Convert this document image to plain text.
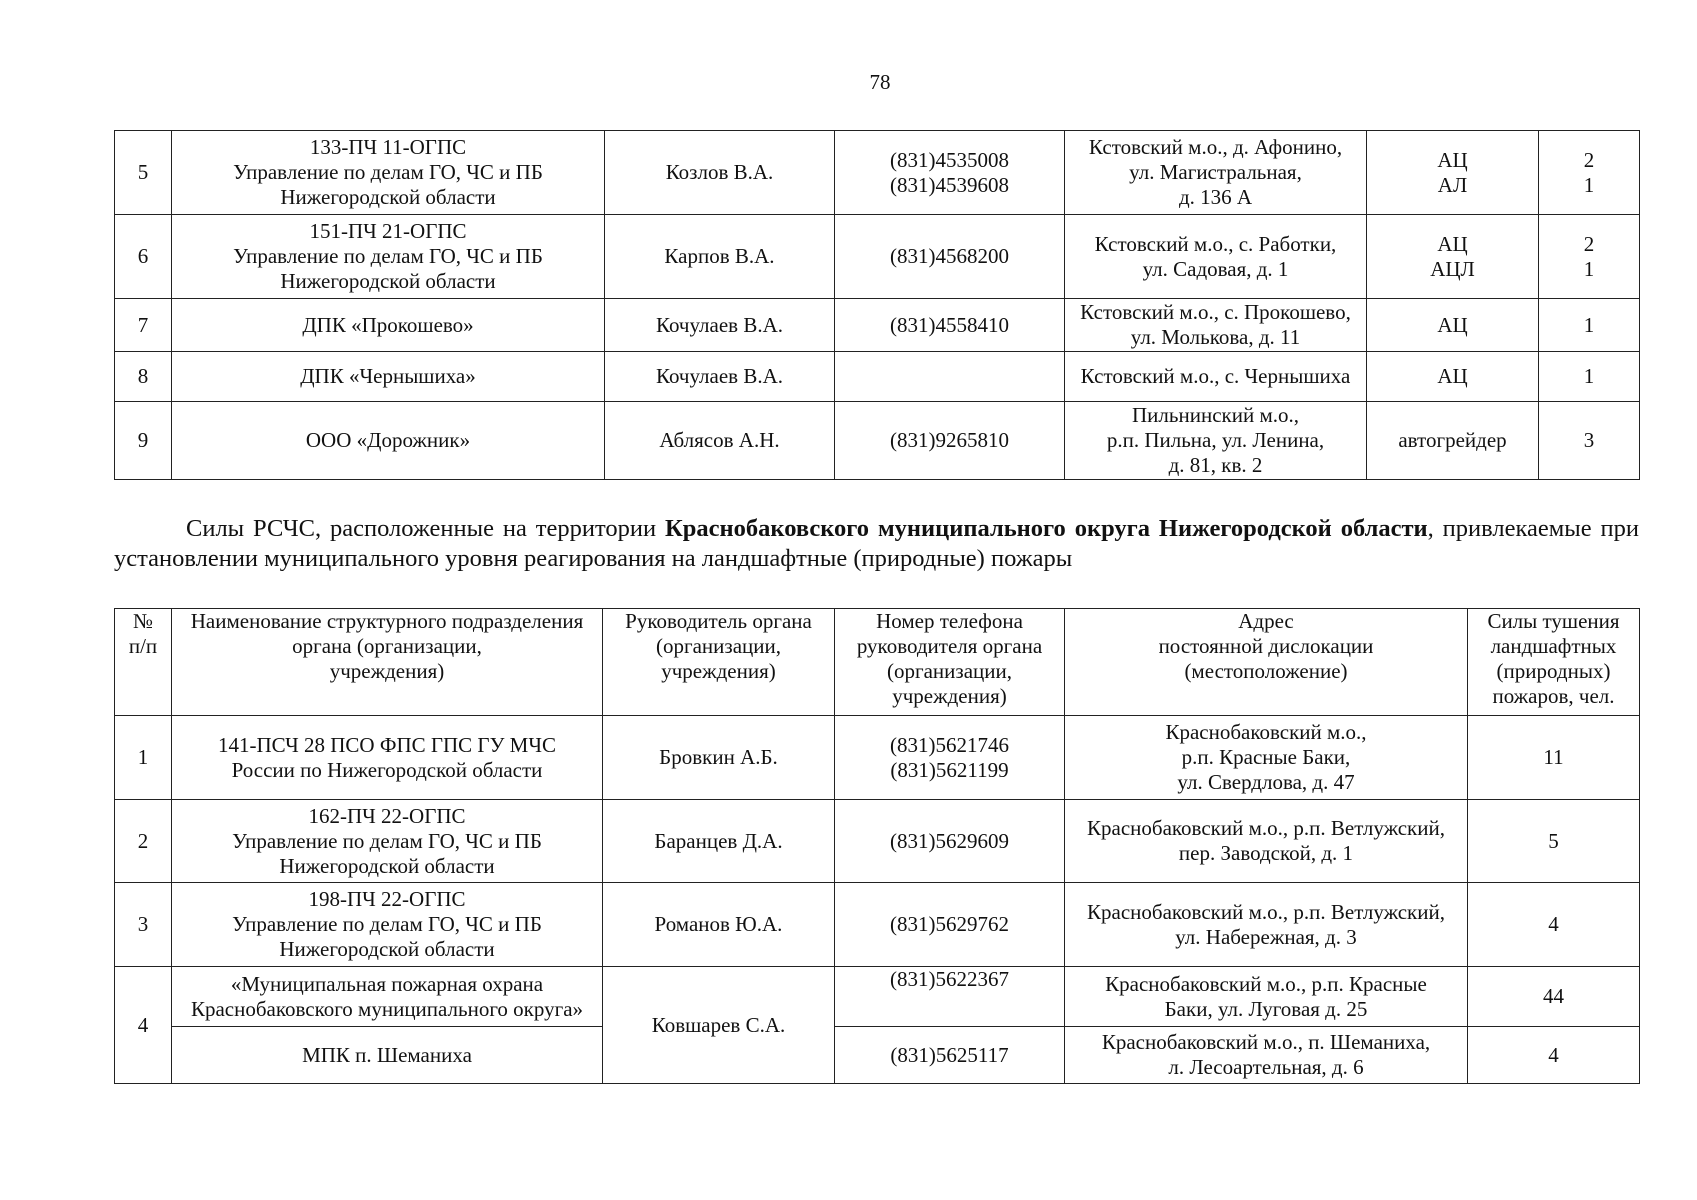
78
5	133-ПЧ 11-ОГПС
Управление по делам ГО, ЧС и ПБ
Нижегородской области	Козлов В.А.	(831)4535008
(831)4539608	Кстовский м.о., д. Афонино,
ул. Магистральная,
д. 136 А	АЦ
АЛ	2
1
6	151-ПЧ 21-ОГПС
Управление по делам ГО, ЧС и ПБ
Нижегородской области	Карпов В.А.	(831)4568200	Кстовский м.о., с. Работки,
ул. Садовая, д. 1	АЦ
АЦЛ	2
1
7	ДПК «Прокошево»	Кочулаев В.А.	(831)4558410	Кстовский м.о., с. Прокошево,
ул. Молькова, д. 11	АЦ	1
8	ДПК «Чернышиха»	Кочулаев В.А.		Кстовский м.о., с. Чернышиха	АЦ	1
9	ООО «Дорожник»	Аблясов А.Н.	(831)9265810	Пильнинский м.о.,
р.п. Пильна, ул. Ленина,
д. 81, кв. 2	автогрейдер	3
Силы РСЧС, расположенные на территории Краснобаковского муниципального округа Нижегородской области, привлекаемые при установлении муниципального уровня реагирования на ландшафтные (природные) пожары
№
п/п	Наименование структурного подразделения
органа (организации,
учреждения)	Руководитель органа
(организации,
учреждения)	Номер телефона
руководителя органа
(организации,
учреждения)	Адрес
постоянной дислокации
(местоположение)	Силы тушения
ландшафтных
(природных)
пожаров, чел.
1	141-ПСЧ 28 ПСО ФПС ГПС ГУ МЧС
России по Нижегородской области	Бровкин А.Б.	(831)5621746
(831)5621199	Краснобаковский м.о.,
р.п. Красные Баки,
ул. Свердлова, д. 47	11
2	162-ПЧ 22-ОГПС
Управление по делам ГО, ЧС и ПБ
Нижегородской области	Баранцев Д.А.	(831)5629609	Краснобаковский м.о., р.п. Ветлужский,
пер. Заводской, д. 1	5
3	198-ПЧ 22-ОГПС
Управление по делам ГО, ЧС и ПБ
Нижегородской области	Романов Ю.А.	(831)5629762	Краснобаковский м.о., р.п. Ветлужский,
ул. Набережная, д. 3	4
4	«Муниципальная пожарная охрана
Краснобаковского муниципального округа»	Ковшарев С.А.	(831)5622367	Краснобаковский м.о., р.п. Красные
Баки, ул. Луговая д. 25	44
	МПК п. Шеманиха		(831)5625117	Краснобаковский м.о., п. Шеманиха,
л. Лесоартельная, д. 6	4
